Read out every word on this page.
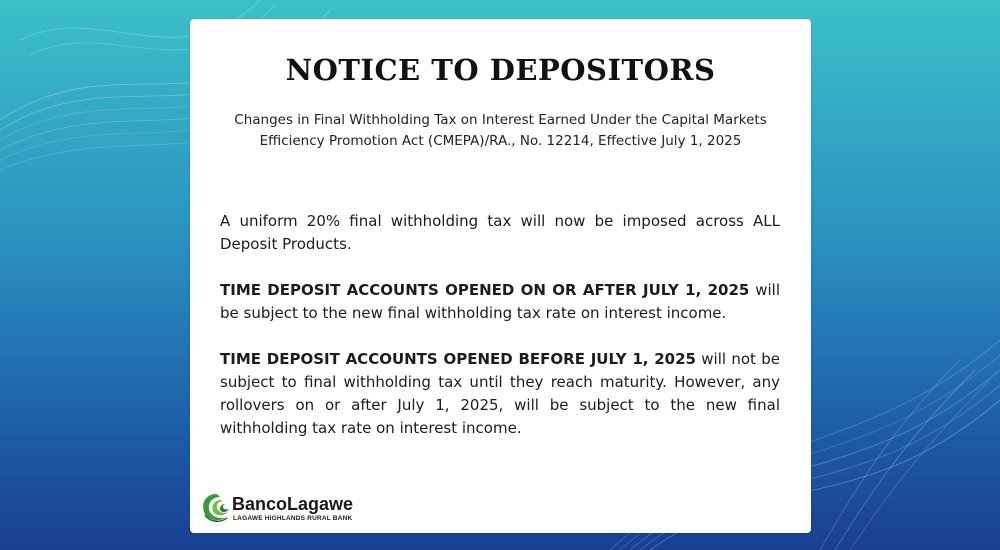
NOTICE TO DEPOSITORS

Changes in Final Withholding Tax on Interest Earned Under the Capital Markets Efficiency Promotion Act (CMEPA)/RA., No. 12214, Effective July 1, 2025

A uniform 20% final withholding tax will now be imposed across ALL Deposit Products.

TIME DEPOSIT ACCOUNTS OPENED ON OR AFTER JULY 1, 2025 will be subject to the new final withholding tax rate on interest income.

TIME DEPOSIT ACCOUNTS OPENED BEFORE JULY 1, 2025 will not be subject to final withholding tax until they reach maturity. However, any rollovers on or after July 1, 2025, will be subject to the new final withholding tax rate on interest income.

BancoLagawe
LAGAWE HIGHLANDS RURAL BANK
